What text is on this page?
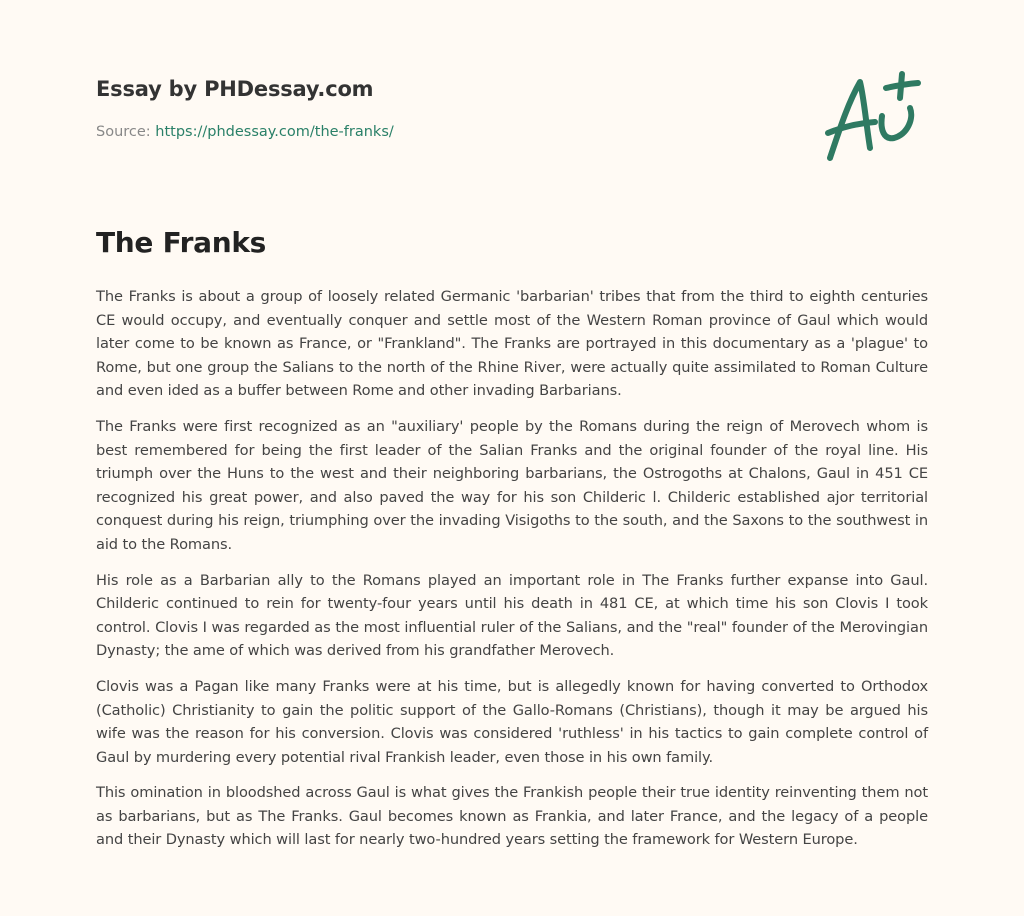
Essay by PHDessay.com
Source: https://phdessay.com/the-franks/
The Franks

The Franks is about a group of loosely related Germanic 'barbarian' tribes that from the third to eighth centuries CE would occupy, and eventually conquer and settle most of the Western Roman province of Gaul which would later come to be known as France, or "Frankland". The Franks are portrayed in this documentary as a 'plague' to Rome, but one group the Salians to the north of the Rhine River, were actually quite assimilated to Roman Culture and even ided as a buffer between Rome and other invading Barbarians.

The Franks were first recognized as an "auxiliary' people by the Romans during the reign of Merovech whom is best remembered for being the first leader of the Salian Franks and the original founder of the royal line. His triumph over the Huns to the west and their neighboring barbarians, the Ostrogoths at Chalons, Gaul in 451 CE recognized his great power, and also paved the way for his son Childeric l. Childeric established ajor territorial conquest during his reign, triumphing over the invading Visigoths to the south, and the Saxons to the southwest in aid to the Romans.

His role as a Barbarian ally to the Romans played an important role in The Franks further expanse into Gaul. Childeric continued to rein for twenty-four years until his death in 481 CE, at which time his son Clovis I took control. Clovis I was regarded as the most influential ruler of the Salians, and the "real" founder of the Merovingian Dynasty; the ame of which was derived from his grandfather Merovech.

Clovis was a Pagan like many Franks were at his time, but is allegedly known for having converted to Orthodox (Catholic) Christianity to gain the politic support of the Gallo-Romans (Christians), though it may be argued his wife was the reason for his conversion. Clovis was considered 'ruthless' in his tactics to gain complete control of Gaul by murdering every potential rival Frankish leader, even those in his own family.

This omination in bloodshed across Gaul is what gives the Frankish people their true identity reinventing them not as barbarians, but as The Franks. Gaul becomes known as Frankia, and later France, and the legacy of a people and their Dynasty which will last for nearly two-hundred years setting the framework for Western Europe.
